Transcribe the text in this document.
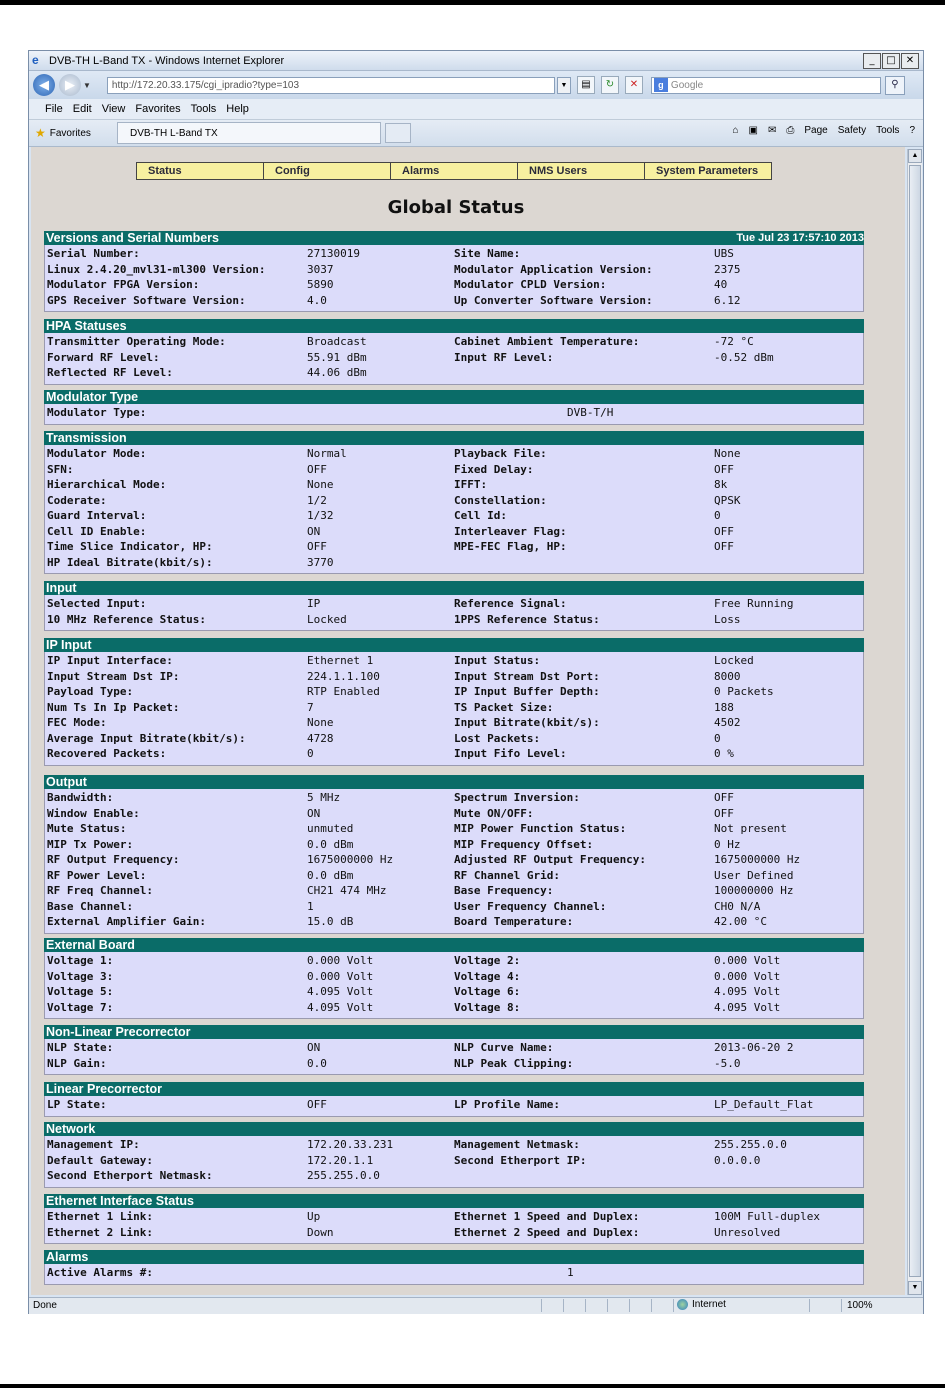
e DVB-TH L-Band TX - Windows Internet Explorer	_	□	✕
◀	▶	▼
http://172.20.33.175/cgi_ipradio?type=103	▼	▤	↻	✕	g Google	⚲
File Edit View Favorites Tools Help
★ Favorites	DVB-TH L-Band TX	⌂ ▣ ✉ ⎙ Page Safety Tools ?
Status	Config	Alarms	NMS Users	System Parameters
Global Status
Versions and Serial Numbers	Tue Jul 23 17:57:10 2013
Serial Number:	27130019	Site Name:	UBS
Linux 2.4.20_mvl31-ml300 Version:	3037	Modulator Application Version:	2375
Modulator FPGA Version:	5890	Modulator CPLD Version:	40
GPS Receiver Software Version:	4.0	Up Converter Software Version:	6.12
HPA Statuses
Transmitter Operating Mode:	Broadcast	Cabinet Ambient Temperature:	-72 °C
Forward RF Level:	55.91 dBm	Input RF Level:	-0.52 dBm
Reflected RF Level:	44.06 dBm
Modulator Type
Modulator Type:	DVB-T/H
Transmission
Modulator Mode:	Normal	Playback File:	None
SFN:	OFF	Fixed Delay:	OFF
Hierarchical Mode:	None	IFFT:	8k
Coderate:	1/2	Constellation:	QPSK
Guard Interval:	1/32	Cell Id:	0
Cell ID Enable:	ON	Interleaver Flag:	OFF
Time Slice Indicator, HP:	OFF	MPE-FEC Flag, HP:	OFF
HP Ideal Bitrate(kbit/s):	3770
Input
Selected Input:	IP	Reference Signal:	Free Running
10 MHz Reference Status:	Locked	1PPS Reference Status:	Loss
IP Input
IP Input Interface:	Ethernet 1	Input Status:	Locked
Input Stream Dst IP:	224.1.1.100	Input Stream Dst Port:	8000
Payload Type:	RTP Enabled	IP Input Buffer Depth:	0 Packets
Num Ts In Ip Packet:	7	TS Packet Size:	188
FEC Mode:	None	Input Bitrate(kbit/s):	4502
Average Input Bitrate(kbit/s):	4728	Lost Packets:	0
Recovered Packets:	0	Input Fifo Level:	0 %
Output
Bandwidth:	5 MHz	Spectrum Inversion:	OFF
Window Enable:	ON	Mute ON/OFF:	OFF
Mute Status:	unmuted	MIP Power Function Status:	Not present
MIP Tx Power:	0.0 dBm	MIP Frequency Offset:	0 Hz
RF Output Frequency:	1675000000 Hz	Adjusted RF Output Frequency:	1675000000 Hz
RF Power Level:	0.0 dBm	RF Channel Grid:	User Defined
RF Freq Channel:	CH21 474 MHz	Base Frequency:	100000000 Hz
Base Channel:	1	User Frequency Channel:	CH0 N/A
External Amplifier Gain:	15.0 dB	Board Temperature:	42.00 °C
External Board
Voltage 1:	0.000 Volt	Voltage 2:	0.000 Volt
Voltage 3:	0.000 Volt	Voltage 4:	0.000 Volt
Voltage 5:	4.095 Volt	Voltage 6:	4.095 Volt
Voltage 7:	4.095 Volt	Voltage 8:	4.095 Volt
Non-Linear Precorrector
NLP State:	ON	NLP Curve Name:	2013-06-20 2
NLP Gain:	0.0	NLP Peak Clipping:	-5.0
Linear Precorrector
LP State:	OFF	LP Profile Name:	LP_Default_Flat
Network
Management IP:	172.20.33.231	Management Netmask:	255.255.0.0
Default Gateway:	172.20.1.1	Second Etherport IP:	0.0.0.0
Second Etherport Netmask:	255.255.0.0
Ethernet Interface Status
Ethernet 1 Link:	Up	Ethernet 1 Speed and Duplex:	100M Full-duplex
Ethernet 2 Link:	Down	Ethernet 2 Speed and Duplex:	Unresolved
Alarms
Active Alarms #:	1
▲
▼
Done	Internet	100%
